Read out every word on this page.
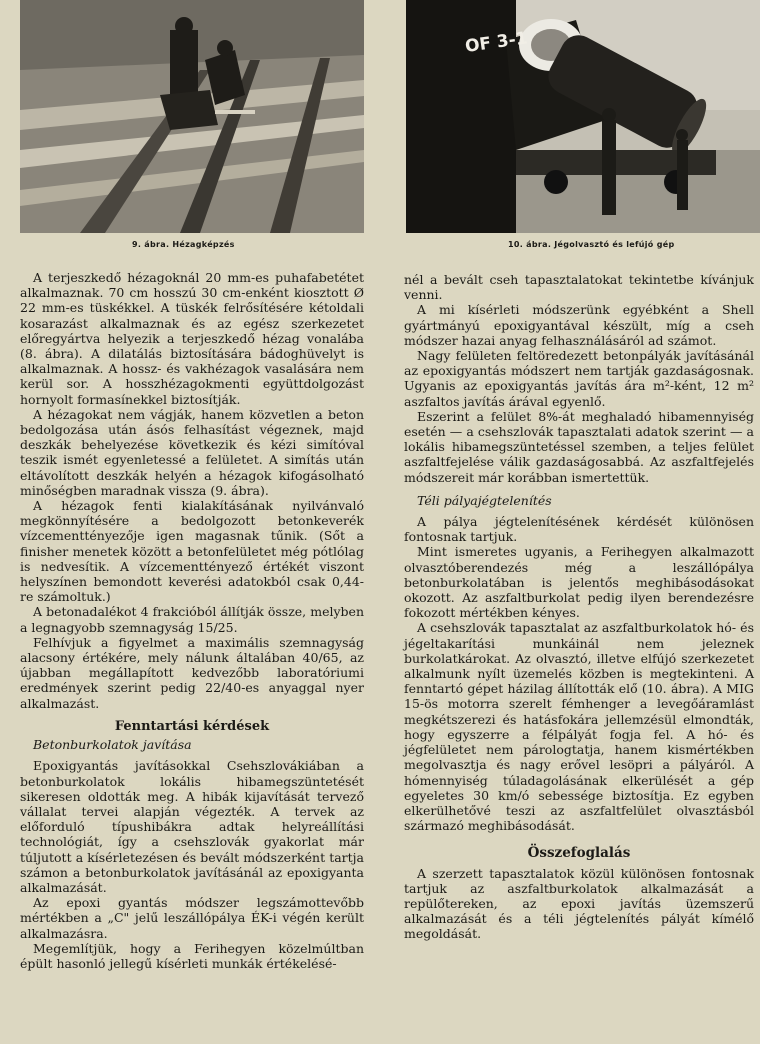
9. ábra. Hézagképzés
OF 3-1
10. ábra. Jégolvasztó és lefújó gép

A terjeszkedő hézagoknál 20 mm-es puhafabetétet alkalmaznak. 70 cm hosszú 30 cm-enként kiosztott Ø 22 mm-es tüskékkel. A tüskék felrősítésére kétoldali kosarazást alkalmaznak és az egész szerkezetet előregyártva helyezik a terjeszkedő hézag vonalába (8. ábra). A dilatálás biztosítására bádoghüvelyt is alkalmaznak. A hossz- és vakhézagok vasalására nem kerül sor. A hosszhézagokmenti együttdolgozást hornyolt formasínekkel biztosítják.

A hézagokat nem vágják, hanem közvetlen a beton bedolgozása után ásós felhasítást végeznek, majd deszkák behelyezése következik és kézi simítóval teszik ismét egyenletessé a felületet. A simítás után eltávolított deszkák helyén a hézagok kifogásolható minőségben maradnak vissza (9. ábra).

A hézagok fenti kialakításának nyilvánvaló megkönnyítésére a bedolgozott betonkeverék vízcementtényezője igen magasnak tűnik. (Sőt a finisher menetek között a betonfelületet még pótlólag is nedvesítik. A vízcementtényező értékét viszont helyszínen bemondott keverési adatokból csak 0,44-re számoltuk.)

A betonadalékot 4 frakcióból állítják össze, melyben a legnagyobb szemnagyság 15/25.

Felhívjuk a figyelmet a maximális szemnagyság alacsony értékére, mely nálunk általában 40/65, az újabban megállapított kedvezőbb laboratóriumi eredmények szerint pedig 22/40-es anyaggal nyer alkalmazást.

Fenntartási kérdések
Betonburkolatok javítása

Epoxigyantás javításokkal Csehszlovákiában a betonburkolatok lokális hibamegszüntetését sikeresen oldották meg. A hibák kijavítását tervező vállalat tervei alapján végezték. A tervek az előforduló típushibákra adtak helyreállítási technológiát, így a csehszlovák gyakorlat már túljutott a kísérletezésen és bevált módszerként tartja számon a betonburkolatok javításánál az epoxigyanta alkalmazását.

Az epoxi gyantás módszer legszámottevőbb mértékben a „C" jelű leszállópálya ÉK-i végén került alkalmazásra.

Megemlítjük, hogy a Ferihegyen közelmúltban épült hasonló jellegű kísérleti munkák értékelésé-

nél a bevált cseh tapasztalatokat tekintetbe kívánjuk venni.

A mi kísérleti módszerünk egyébként a Shell gyártmányú epoxigyantával készült, míg a cseh módszer hazai anyag felhasználásáról ad számot.

Nagy felületen feltöredezett betonpályák javításánál az epoxigyantás módszert nem tartják gazdaságosnak. Ugyanis az epoxigyantás javítás ára m²-ként, 12 m² aszfaltos javítás árával egyenlő.

Eszerint a felület 8%-át meghaladó hibamennyiség esetén — a csehszlovák tapasztalati adatok szerint — a lokális hibamegszüntetéssel szemben, a teljes felület aszfaltfejelése válik gazdaságosabbá. Az aszfaltfejelés módszereit már korábban ismertettük.

Téli pályajégtelenítés

A pálya jégtelenítésének kérdését különösen fontosnak tartjuk.

Mint ismeretes ugyanis, a Ferihegyen alkalmazott olvasztóberendezés még a leszállópálya betonburkolatában is jelentős meghibásodásokat okozott. Az aszfaltburkolat pedig ilyen berendezésre fokozott mértékben kényes.

A csehszlovák tapasztalat az aszfaltburkolatok hó- és jégeltakarítási munkáinál nem jeleznek burkolatkárokat. Az olvasztó, illetve elfújó szerkezetet alkalmunk nyílt üzemelés közben is megtekinteni. A fenntartó gépet házilag állították elő (10. ábra). A MIG 15-ös motorra szerelt fémhenger a levegőáramlást megkétszerezi és hatásfokára jellemzésül elmondták, hogy egyszerre a félpályát fogja fel. A hó- és jégfelületet nem párologtatja, hanem kismértékben megolvasztja és nagy erővel lesöpri a pályáról. A hómennyiség túladagolásának elkerülését a gép egyeletes 30 km/ó sebessége biztosítja. Ez egyben elkerülhetővé teszi az aszfaltfelület olvasztásból származó meghibásodását.

Összefoglalás

A szerzett tapasztalatok közül különösen fontosnak tartjuk az aszfaltburkolatok alkalmazását a repülőtereken, az epoxi javítás üzemszerű alkalmazását és a téli jégtelenítés pályát kímélő megoldását.
